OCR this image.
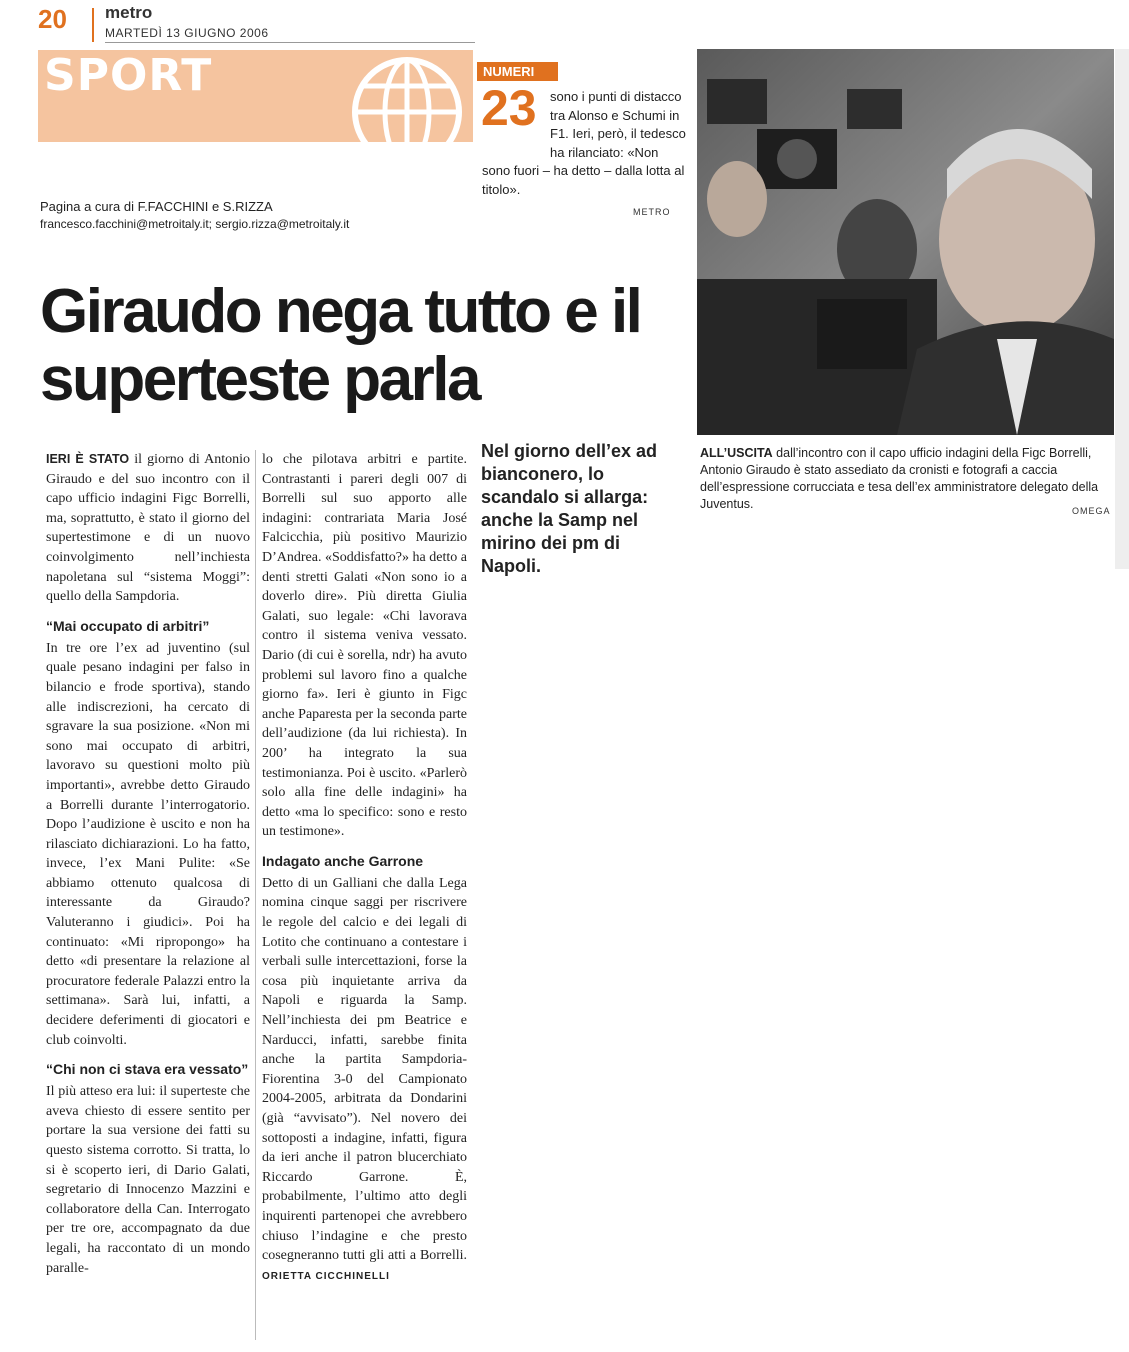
20 metro
MARTEDÌ 13 GIUGNO 2006
SPORT	NUMERI
23	sono i punti di distacco tra Alonso e Schumi in F1. Ieri, però, il tedesco ha rilanciato: «Non sono fuori – ha detto – dalla lotta al titolo».
METRO
Pagina a cura di F.FACCHINI e S.RIZZA
francesco.facchini@metroitaly.it; sergio.rizza@metroitaly.it
Giraudo nega tutto e il superteste parla
ALL’USCITA dall’incontro con il capo ufficio indagini della Figc Borrelli, Antonio Giraudo è stato assediato da cronisti e fotografi a caccia dell’espressione corrucciata e tesa dell’ex amministratore delegato della Juventus.	OMEGA
Nel giorno dell’ex ad bianconero, lo scandalo si allarga: anche la Samp nel mirino dei pm di Napoli.

IERI È STATO il giorno di Antonio Giraudo e del suo incontro con il capo ufficio indagini Figc Borrelli, ma, soprattutto, è stato il giorno del supertestimone e di un nuovo coinvolgimento nell’inchiesta napoletana sul “sistema Moggi”: quello della Sampdoria.

“Mai occupato di arbitri”

In tre ore l’ex ad juventino (sul quale pesano indagini per falso in bilancio e frode sportiva), stando alle indiscrezioni, ha cercato di sgravare la sua posizione. «Non mi sono mai occupato di arbitri, lavoravo su questioni molto più importanti», avrebbe detto Giraudo a Borrelli durante l’interrogatorio. Dopo l’audizione è uscito e non ha rilasciato dichiarazioni. Lo ha fatto, invece, l’ex Mani Pulite: «Se abbiamo ottenuto qualcosa di interessante da Giraudo? Valuteranno i giudici». Poi ha continuato: «Mi ripropongo» ha detto «di presentare la relazione al procuratore federale Palazzi entro la settimana». Sarà lui, infatti, a decidere deferimenti di giocatori e club coinvolti.

“Chi non ci stava era vessato”

Il più atteso era lui: il superteste che aveva chiesto di essere sentito per portare la sua versione dei fatti su questo sistema corrotto. Si tratta, lo si è scoperto ieri, di Dario Galati, segretario di Innocenzo Mazzini e collaboratore della Can. Interrogato per tre ore, accompagnato da due legali, ha raccontato di un mondo paralle-

lo che pilotava arbitri e partite. Contrastanti i pareri degli 007 di Borrelli sul suo apporto alle indagini: contrariata Maria José Falcicchia, più positivo Maurizio D’Andrea. «Soddisfatto?» ha detto a denti stretti Galati «Non sono io a doverlo dire». Più diretta Giulia Galati, suo legale: «Chi lavorava contro il sistema veniva vessato. Dario (di cui è sorella, ndr) ha avuto problemi sul lavoro fino a qualche giorno fa». Ieri è giunto in Figc anche Paparesta per la seconda parte dell’audizione (da lui richiesta). In 200’ ha integrato la sua testimonianza. Poi è uscito. «Parlerò solo alla fine delle indagini» ha detto «ma lo specifico: sono e resto un testimone».

Indagato anche Garrone

Detto di un Galliani che dalla Lega nomina cinque saggi per riscrivere le regole del calcio e dei legali di Lotito che continuano a contestare i verbali sulle intercettazioni, forse la cosa più inquietante arriva da Napoli e riguarda la Samp. Nell’inchiesta dei pm Beatrice e Narducci, infatti, sarebbe finita anche la partita Sampdoria-Fiorentina 3-0 del Campionato 2004-2005, arbitrata da Dondarini (già “avvisato”). Nel novero dei sottoposti a indagine, infatti, figura da ieri anche il patron blucerchiato Riccardo Garrone. È, probabilmente, l’ultimo atto degli inquirenti partenopei che avrebbero chiuso l’indagine e che presto cosegneranno tutti gli atti a Borrelli. ORIETTA CICCHINELLI
